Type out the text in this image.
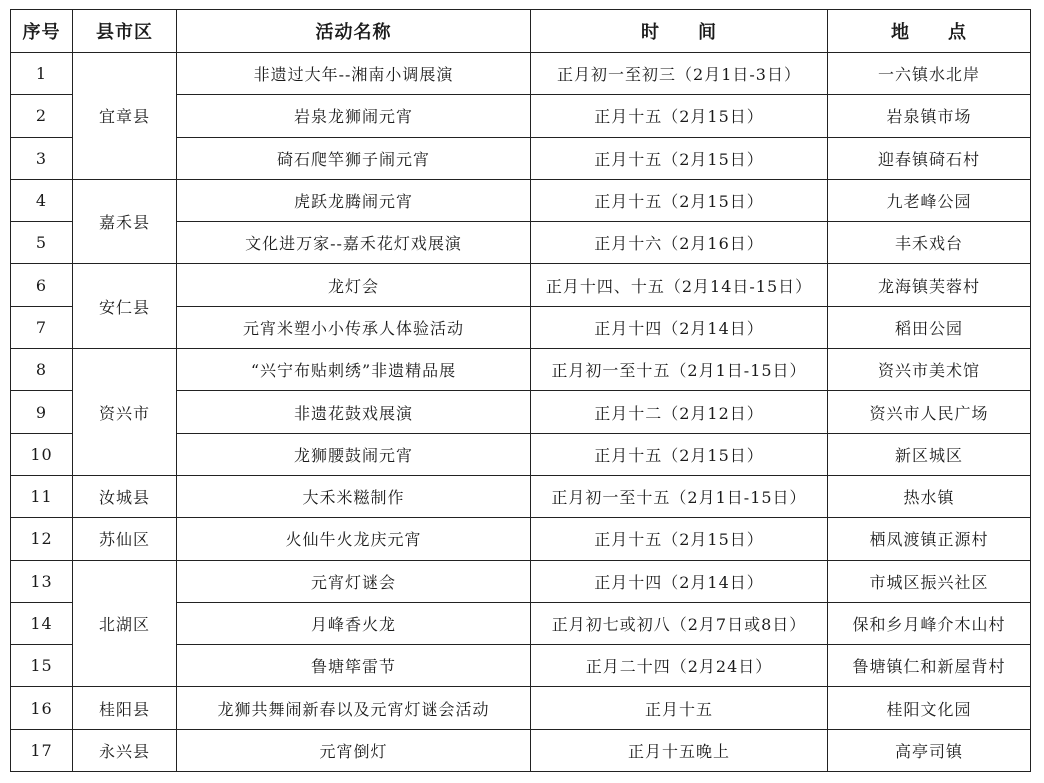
序号	县市区	活动名称	时　　间	地　　点
1	宜章县	非遗过大年--湘南小调展演	正月初一至初三（2月1日-3日）	一六镇水北岸
2		岩泉龙狮闹元宵	正月十五（2月15日）	岩泉镇市场
3		碕石爬竿狮子闹元宵	正月十五（2月15日）	迎春镇碕石村
4	嘉禾县	虎跃龙腾闹元宵	正月十五（2月15日）	九老峰公园
5		文化进万家--嘉禾花灯戏展演	正月十六（2月16日）	丰禾戏台
6	安仁县	龙灯会	正月十四、十五（2月14日-15日）	龙海镇芙蓉村
7		元宵米塑小小传承人体验活动	正月十四（2月14日）	稻田公园
8	资兴市	“兴宁布贴刺绣”非遗精品展	正月初一至十五（2月1日-15日）	资兴市美术馆
9		非遗花鼓戏展演	正月十二（2月12日）	资兴市人民广场
10		龙狮腰鼓闹元宵	正月十五（2月15日）	新区城区
11	汝城县	大禾米糍制作	正月初一至十五（2月1日-15日）	热水镇
12	苏仙区	火仙牛火龙庆元宵	正月十五（2月15日）	栖凤渡镇正源村
13	北湖区	元宵灯谜会	正月十四（2月14日）	市城区振兴社区
14		月峰香火龙	正月初七或初八（2月7日或8日）	保和乡月峰介木山村
15		鲁塘筚雷节	正月二十四（2月24日）	鲁塘镇仁和新屋背村
16	桂阳县	龙狮共舞闹新春以及元宵灯谜会活动	正月十五	桂阳文化园
17	永兴县	元宵倒灯	正月十五晚上	高亭司镇
